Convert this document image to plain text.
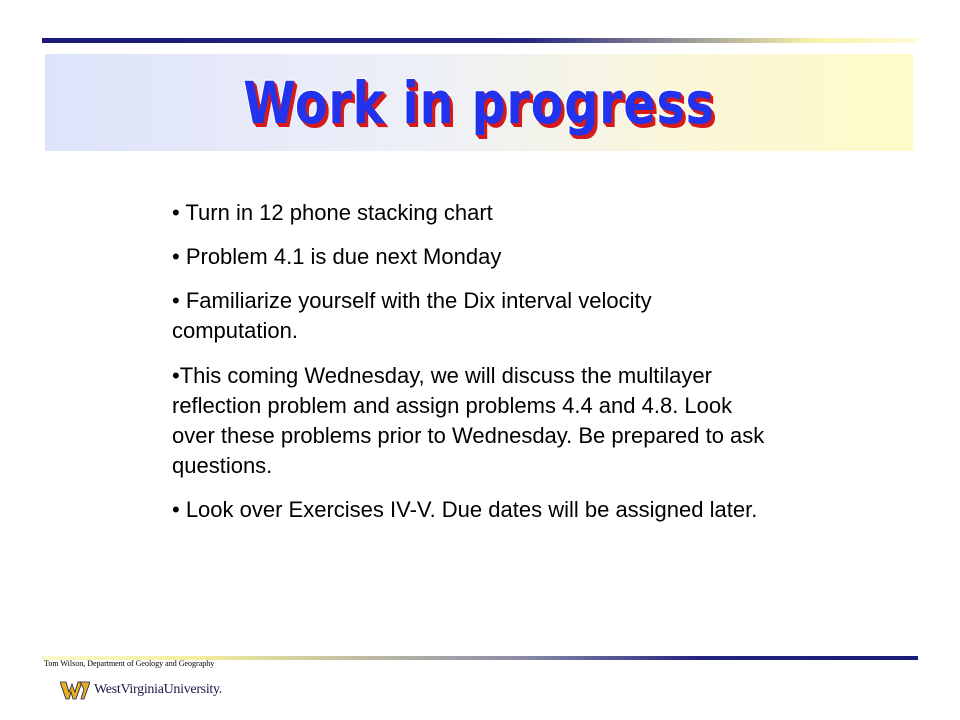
Work in progress
• Turn in 12 phone stacking chart
• Problem 4.1 is due next Monday
• Familiarize yourself with the Dix interval velocity computation.
•This coming Wednesday, we will discuss the multilayer reflection problem and assign problems 4.4 and 4.8. Look over these problems prior to Wednesday. Be prepared to ask questions.
• Look over Exercises IV-V. Due dates will be assigned later.
Tom Wilson, Department of Geology and Geography
WestVirginiaUniversity.
